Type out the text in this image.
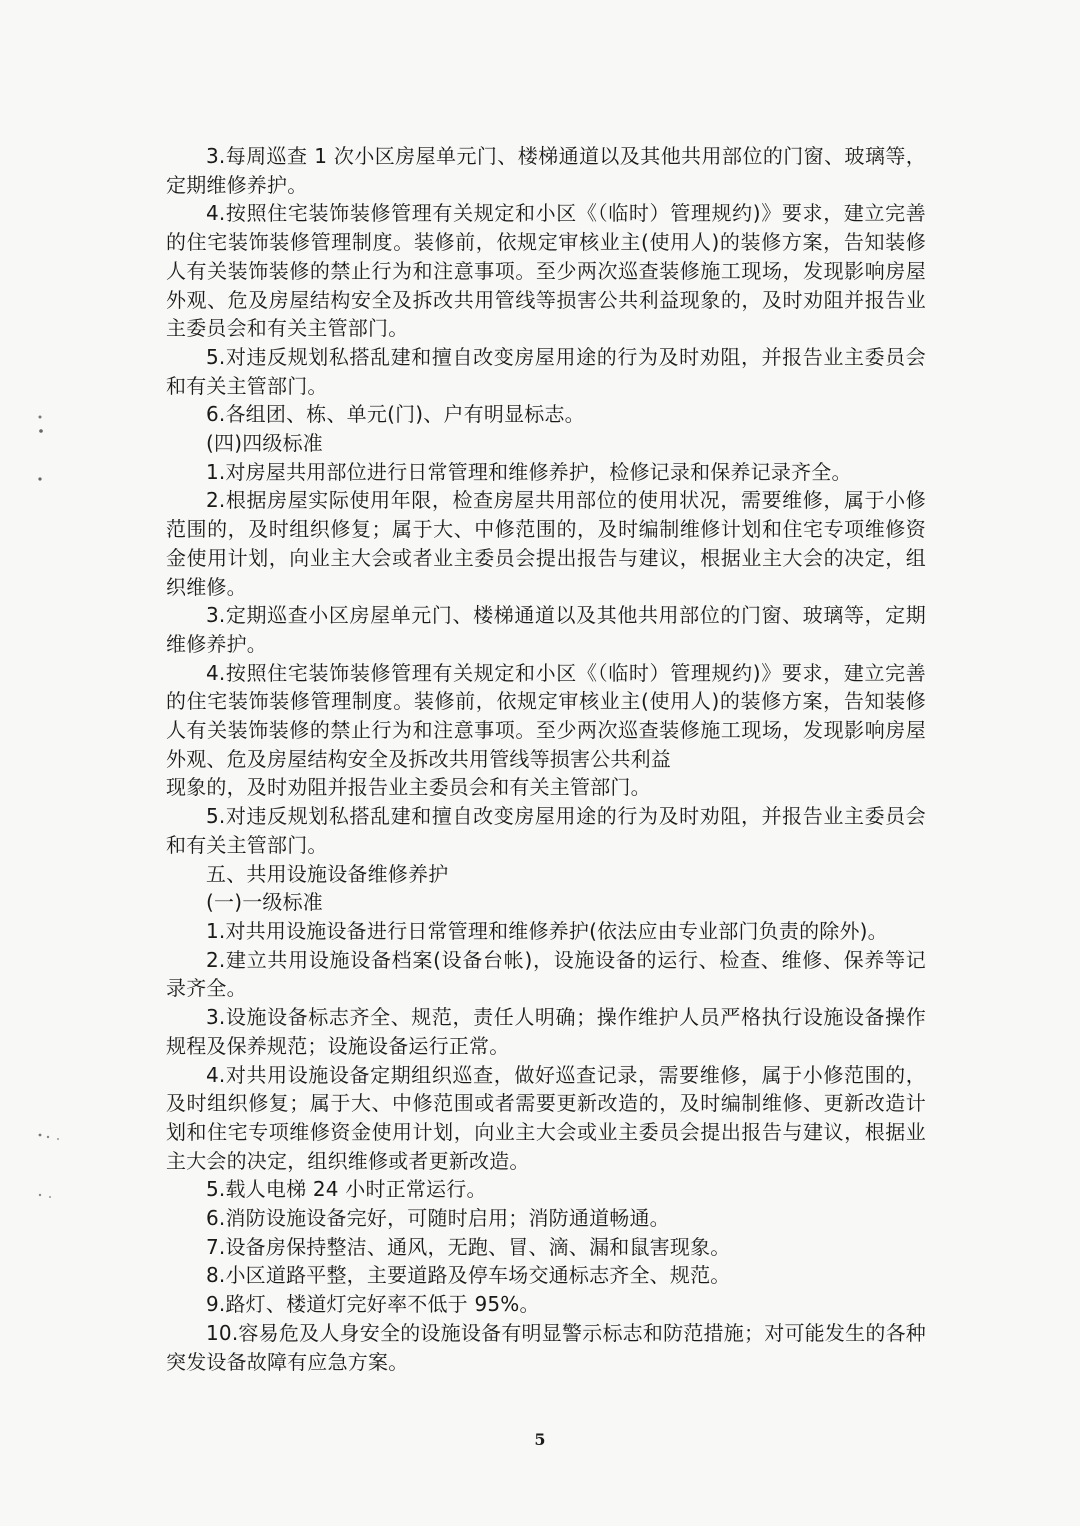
3.每周巡查 1 次小区房屋单元门、楼梯通道以及其他共用部位的门窗、玻璃等，定期维修养护。

4.按照住宅装饰装修管理有关规定和小区《（临时）管理规约)》要求，建立完善的住宅装饰装修管理制度。装修前，依规定审核业主(使用人)的装修方案，告知装修人有关装饰装修的禁止行为和注意事项。至少两次巡查装修施工现场，发现影响房屋外观、危及房屋结构安全及拆改共用管线等损害公共利益现象的，及时劝阻并报告业主委员会和有关主管部门。

5.对违反规划私搭乱建和擅自改变房屋用途的行为及时劝阻，并报告业主委员会和有关主管部门。

6.各组团、栋、单元(门)、户有明显标志。

(四)四级标准

1.对房屋共用部位进行日常管理和维修养护，检修记录和保养记录齐全。

2.根据房屋实际使用年限，检查房屋共用部位的使用状况，需要维修，属于小修范围的，及时组织修复；属于大、中修范围的，及时编制维修计划和住宅专项维修资金使用计划，向业主大会或者业主委员会提出报告与建议，根据业主大会的决定，组织维修。

3.定期巡查小区房屋单元门、楼梯通道以及其他共用部位的门窗、玻璃等，定期维修养护。

4.按照住宅装饰装修管理有关规定和小区《（临时）管理规约)》要求，建立完善的住宅装饰装修管理制度。装修前，依规定审核业主(使用人)的装修方案，告知装修人有关装饰装修的禁止行为和注意事项。至少两次巡查装修施工现场，发现影响房屋外观、危及房屋结构安全及拆改共用管线等损害公共利益

现象的，及时劝阻并报告业主委员会和有关主管部门。

5.对违反规划私搭乱建和擅自改变房屋用途的行为及时劝阻，并报告业主委员会和有关主管部门。

五、共用设施设备维修养护

(一)一级标准

1.对共用设施设备进行日常管理和维修养护(依法应由专业部门负责的除外)。

2.建立共用设施设备档案(设备台帐)，设施设备的运行、检查、维修、保养等记录齐全。

3.设施设备标志齐全、规范，责任人明确；操作维护人员严格执行设施设备操作规程及保养规范；设施设备运行正常。

4.对共用设施设备定期组织巡查，做好巡查记录，需要维修，属于小修范围的，及时组织修复；属于大、中修范围或者需要更新改造的，及时编制维修、更新改造计划和住宅专项维修资金使用计划，向业主大会或业主委员会提出报告与建议，根据业主大会的决定，组织维修或者更新改造。

5.载人电梯 24 小时正常运行。

6.消防设施设备完好，可随时启用；消防通道畅通。

7.设备房保持整洁、通风，无跑、冒、滴、漏和鼠害现象。

8.小区道路平整，主要道路及停车场交通标志齐全、规范。

9.路灯、楼道灯完好率不低于 95%。

10.容易危及人身安全的设施设备有明显警示标志和防范措施；对可能发生的各种突发设备故障有应急方案。

5
